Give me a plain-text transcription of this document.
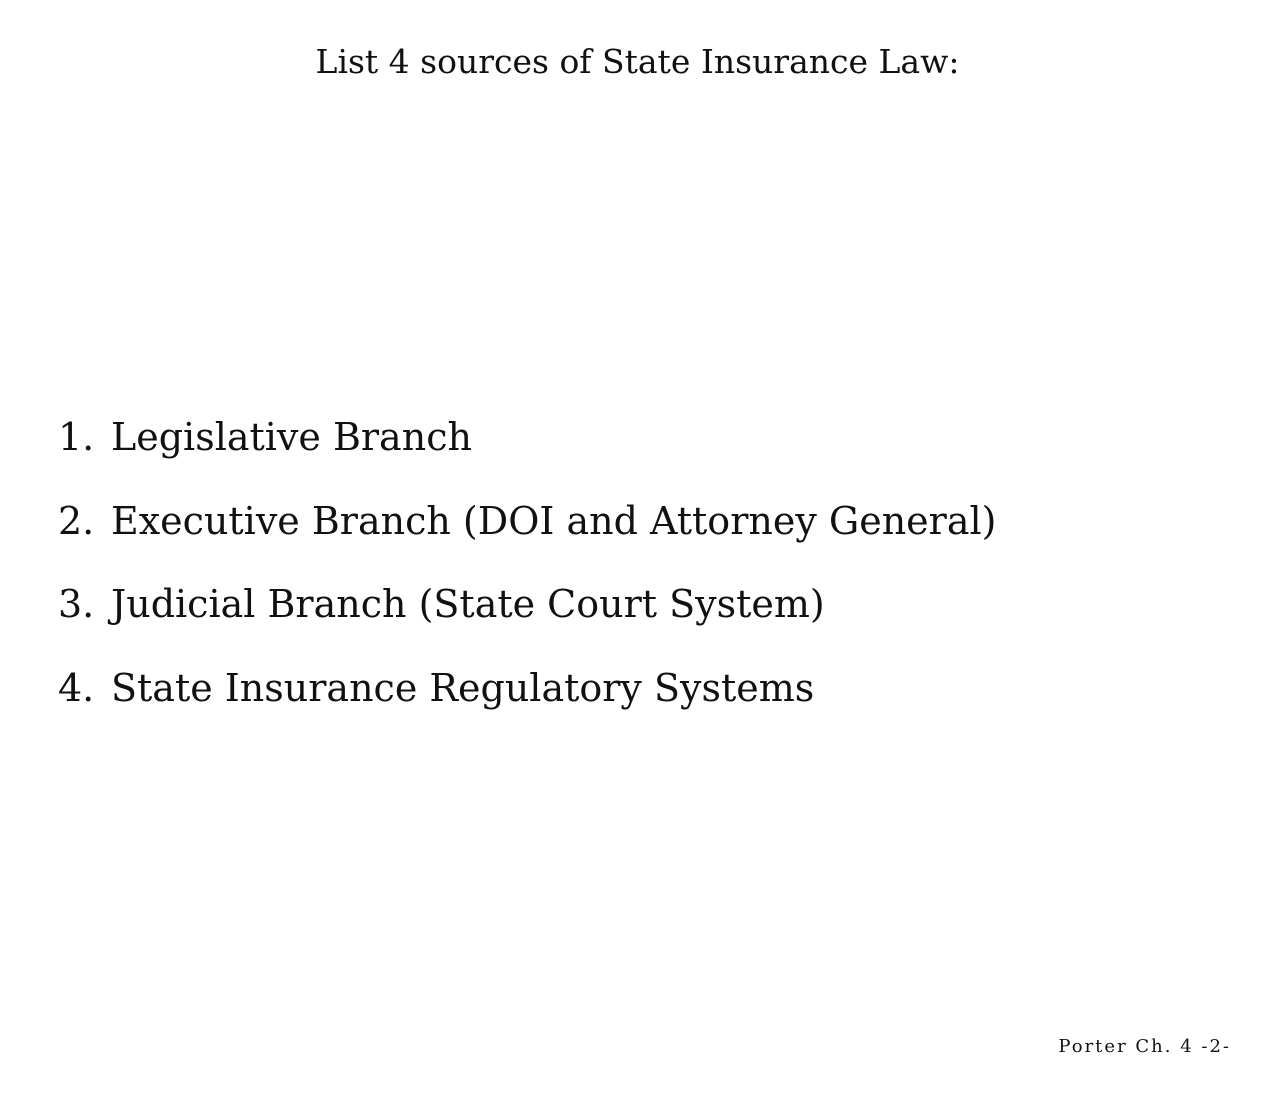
List 4 sources of State Insurance Law:
1. Legislative Branch
2. Executive Branch (DOI and Attorney General)
3. Judicial Branch (State Court System)
4. State Insurance Regulatory Systems
Porter Ch. 4 -2-
